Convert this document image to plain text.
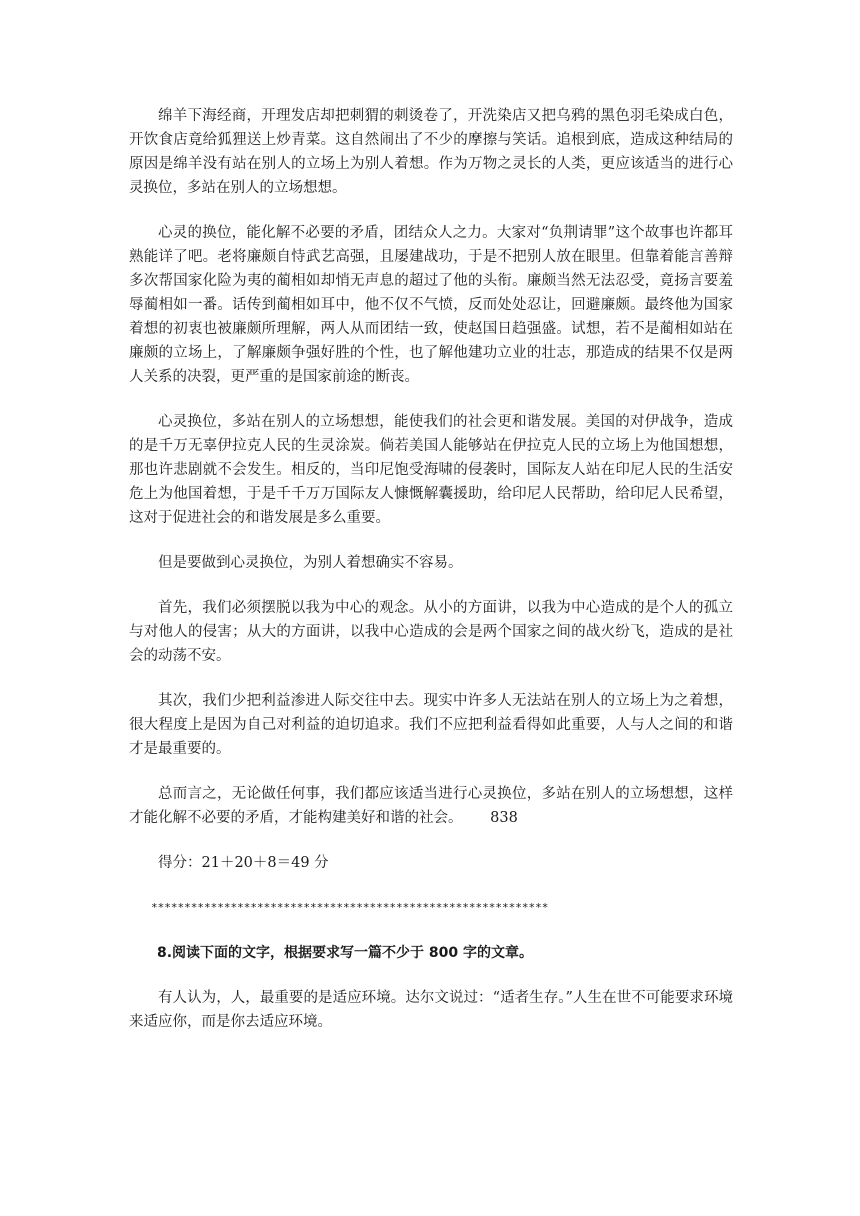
绵羊下海经商，开理发店却把刺猬的刺烫卷了，开洗染店又把乌鸦的黑色羽毛染成白色，开饮食店竟给狐狸送上炒青菜。这自然闹出了不少的摩擦与笑话。追根到底，造成这种结局的原因是绵羊没有站在别人的立场上为别人着想。作为万物之灵长的人类，更应该适当的进行心灵换位，多站在别人的立场想想。

心灵的换位，能化解不必要的矛盾，团结众人之力。大家对“负荆请罪”这个故事也许都耳熟能详了吧。老将廉颇自恃武艺高强，且屡建战功，于是不把别人放在眼里。但靠着能言善辩多次帮国家化险为夷的蔺相如却悄无声息的超过了他的头衔。廉颇当然无法忍受，竟扬言要羞辱蔺相如一番。话传到蔺相如耳中，他不仅不气愤，反而处处忍让，回避廉颇。最终他为国家着想的初衷也被廉颇所理解，两人从而团结一致，使赵国日趋强盛。试想，若不是蔺相如站在廉颇的立场上，了解廉颇争强好胜的个性，也了解他建功立业的壮志，那造成的结果不仅是两人关系的决裂，更严重的是国家前途的断丧。

心灵换位，多站在别人的立场想想，能使我们的社会更和谐发展。美国的对伊战争，造成的是千万无辜伊拉克人民的生灵涂炭。倘若美国人能够站在伊拉克人民的立场上为他国想想，那也许悲剧就不会发生。相反的，当印尼饱受海啸的侵袭时，国际友人站在印尼人民的生活安危上为他国着想，于是千千万万国际友人慷慨解囊援助，给印尼人民帮助，给印尼人民希望，这对于促进社会的和谐发展是多么重要。

但是要做到心灵换位，为别人着想确实不容易。

首先，我们必须摆脱以我为中心的观念。从小的方面讲，以我为中心造成的是个人的孤立与对他人的侵害；从大的方面讲，以我中心造成的会是两个国家之间的战火纷飞，造成的是社会的动荡不安。

其次，我们少把利益渗进人际交往中去。现实中许多人无法站在别人的立场上为之着想，很大程度上是因为自己对利益的迫切追求。我们不应把利益看得如此重要，人与人之间的和谐才是最重要的。

总而言之，无论做任何事，我们都应该适当进行心灵换位，多站在别人的立场想想，这样才能化解不必要的矛盾，才能构建美好和谐的社会。      838

得分：21＋20＋8＝49 分

************************************************************

8.阅读下面的文字，根据要求写一篇不少于 800 字的文章。

有人认为，人，最重要的是适应环境。达尔文说过：“适者生存。”人生在世不可能要求环境来适应你，而是你去适应环境。
